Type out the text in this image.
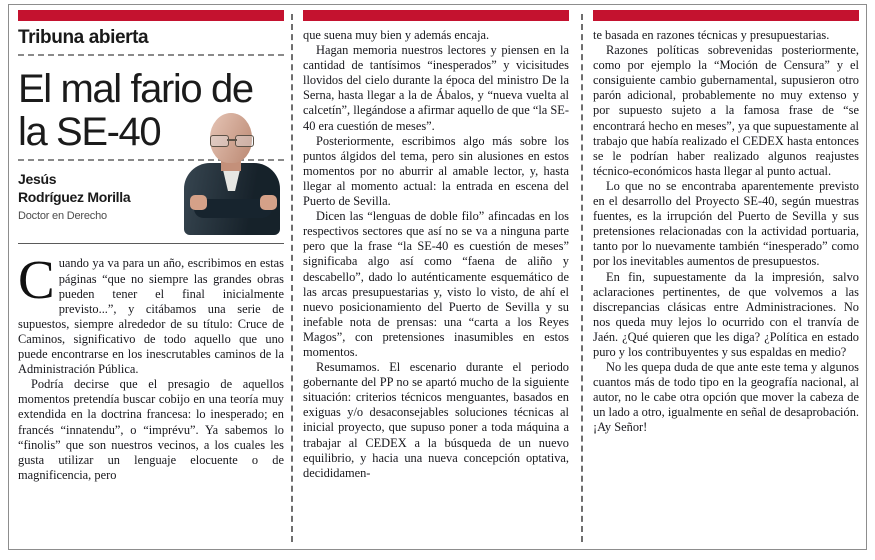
Tribuna abierta
El mal fario de la SE-40
Jesús
Rodríguez Morilla
Doctor en Derecho

Cuando ya va para un año, escribimos en estas páginas “que no siempre las grandes obras pueden tener el final inicialmente previsto...”, y citábamos una serie de supuestos, siempre alrededor de su título: Cruce de Caminos, significativo de todo aquello que uno puede encontrarse en los inescrutables caminos de la Administración Pública.

Podría decirse que el presagio de aquellos momentos pretendía buscar cobijo en una teoría muy extendida en la doctrina francesa: lo inesperado; en francés “innatendu”, o “imprévu”. Ya sabemos lo “finolis” que son nuestros vecinos, a los cuales les gusta utilizar un lenguaje elocuente o de magnificencia, pero

que suena muy bien y además encaja.

Hagan memoria nuestros lectores y piensen en la cantidad de tantísimos “inesperados” y vicisitudes llovidos del cielo durante la época del ministro De la Serna, hasta llegar a la de Ábalos, y “nueva vuelta al calcetín”, llegándose a afirmar aquello de que “la SE-40 era cuestión de meses”.

Posteriormente, escribimos algo más sobre los puntos álgidos del tema, pero sin alusiones en estos momentos por no aburrir al amable lector, y, hasta llegar al momento actual: la entrada en escena del Puerto de Sevilla.

Dicen las “lenguas de doble filo” afincadas en los respectivos sectores que así no se va a ninguna parte pero que la frase “la SE-40 es cuestión de meses” significaba algo así como “faena de aliño y descabello”, dado lo auténticamente esquemático de las arcas presupuestarias y, visto lo visto, de ahí el nuevo posicionamiento del Puerto de Sevilla y su inefable nota de prensas: una “carta a los Reyes Magos”, con pretensiones inasumibles en estos momentos.

Resumamos. El escenario durante el periodo gobernante del PP no se apartó mucho de la siguiente situación: criterios técnicos menguantes, basados en exiguas y/o desaconsejables soluciones técnicas al inicial proyecto, que supuso poner a toda máquina a trabajar al CEDEX a la búsqueda de un nuevo equilibrio, y hacia una nueva concepción optativa, decididamen-

te basada en razones técnicas y presupuestarias.

Razones políticas sobrevenidas posteriormente, como por ejemplo la “Moción de Censura” y el consiguiente cambio gubernamental, supusieron otro parón adicional, probablemente no muy extenso y por supuesto sujeto a la famosa frase de “se encontrará hecho en meses”, ya que supuestamente al trabajo que había realizado el CEDEX hasta entonces se le podrían haber realizado algunos reajustes técnico-económicos hasta llegar al punto actual.

Lo que no se encontraba aparentemente previsto en el desarrollo del Proyecto SE-40, según muestras fuentes, es la irrupción del Puerto de Sevilla y sus pretensiones relacionadas con la actividad portuaria, tanto por lo nuevamente también “inesperado” como por los inevitables aumentos de presupuestos.

En fin, supuestamente da la impresión, salvo aclaraciones pertinentes, de que volvemos a las discrepancias clásicas entre Administraciones. No nos queda muy lejos lo ocurrido con el tranvía de Jaén. ¿Qué quieren que les diga? ¿Política en estado puro y los contribuyentes y sus espaldas en medio?

No les quepa duda de que ante este tema y algunos cuantos más de todo tipo en la geografía nacional, al autor, no le cabe otra opción que mover la cabeza de un lado a otro, igualmente en señal de desaprobación. ¡Ay Señor!
